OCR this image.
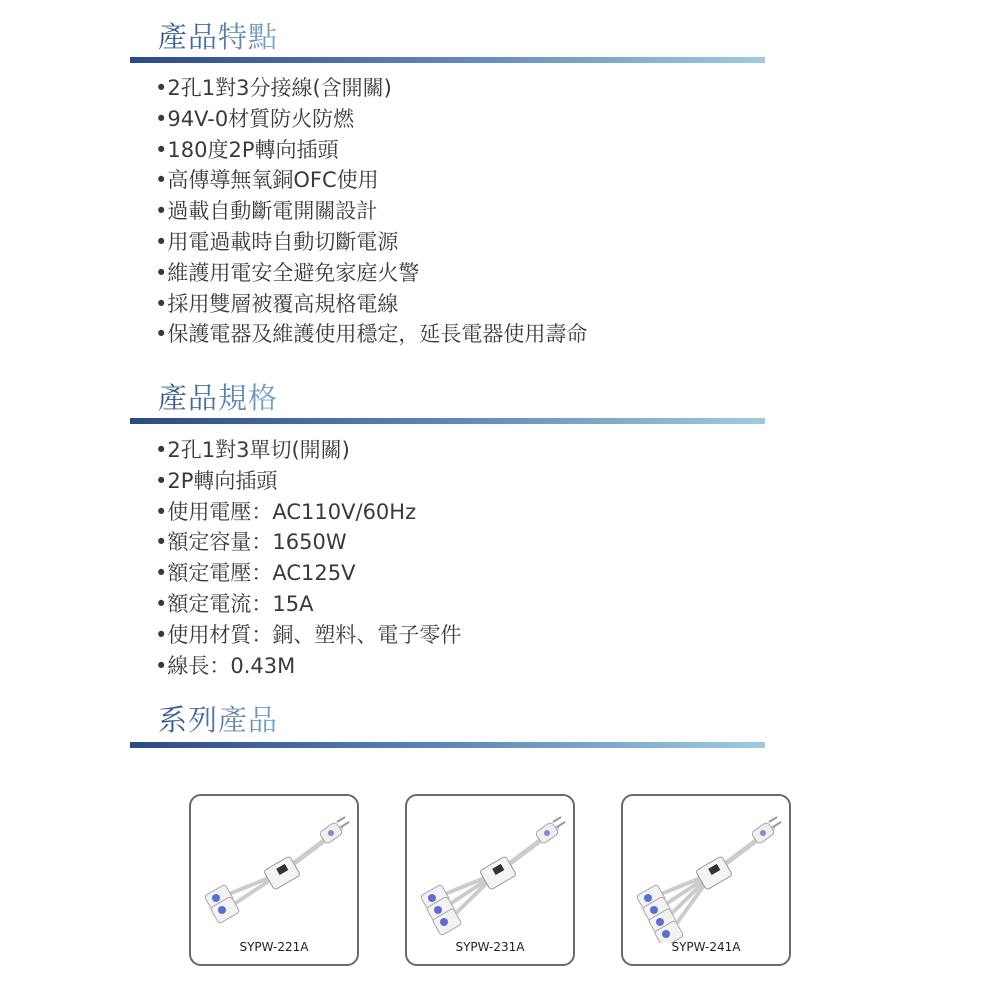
產品特點
•2孔1對3分接線(含開關)
•94V-0材質防火防燃
•180度2P轉向插頭
•高傳導無氧銅OFC使用
•過載自動斷電開關設計
•用電過載時自動切斷電源
•維護用電安全避免家庭火警
•採用雙層被覆高規格電線
•保護電器及維護使用穩定，延長電器使用壽命
產品規格
•2孔1對3單切(開關)
•2P轉向插頭
•使用電壓：AC110V/60Hz
•額定容量：1650W
•額定電壓：AC125V
•額定電流：15A
•使用材質：銅、塑料、電子零件
•線長：0.43M
系列產品
SYPW-221A	SYPW-231A	SYPW-241A
